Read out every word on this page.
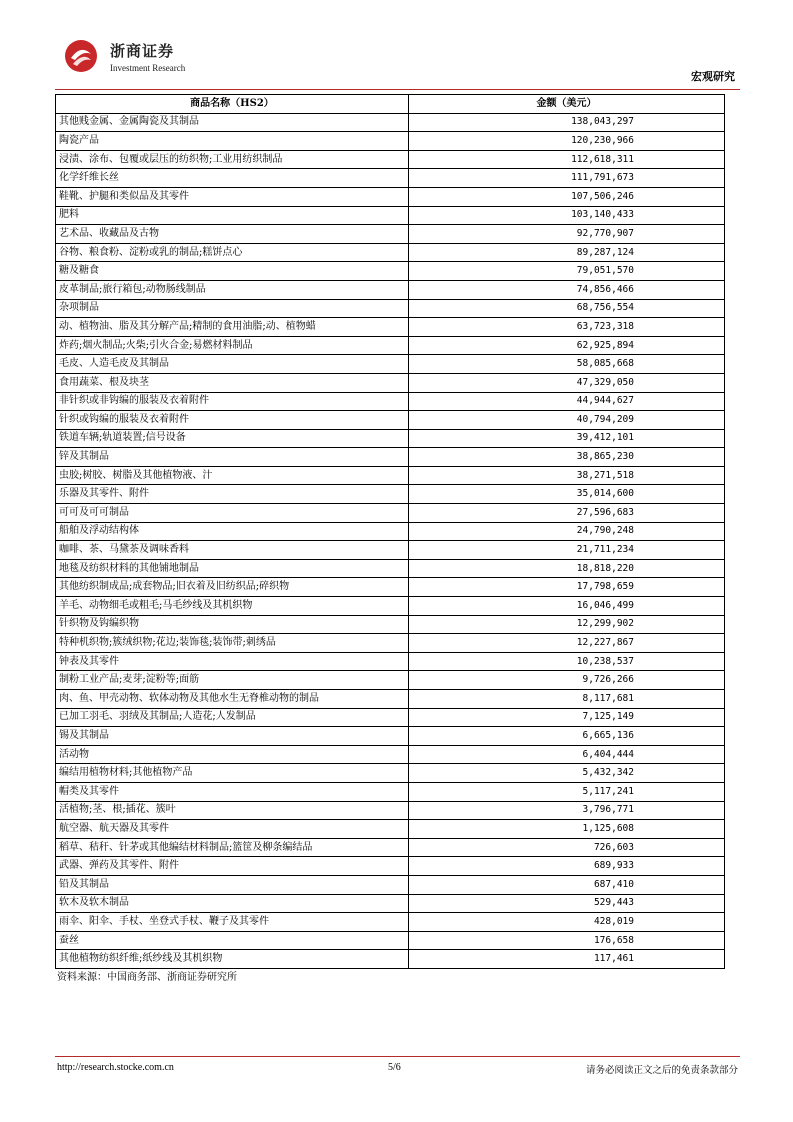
浙商证券
Investment Research
宏观研究
商品名称（HS2）	金额（美元）
其他贱金属、金属陶瓷及其制品	138,043,297
陶瓷产品	120,230,966
浸渍、涂布、包覆或层压的纺织物;工业用纺织制品	112,618,311
化学纤维长丝	111,791,673
鞋靴、护腿和类似品及其零件	107,506,246
肥料	103,140,433
艺术品、收藏品及古物	92,770,907
谷物、粮食粉、淀粉或乳的制品;糕饼点心	89,287,124
糖及糖食	79,051,570
皮革制品;旅行箱包;动物肠线制品	74,856,466
杂项制品	68,756,554
动、植物油、脂及其分解产品;精制的食用油脂;动、植物蜡	63,723,318
炸药;烟火制品;火柴;引火合金;易燃材料制品	62,925,894
毛皮、人造毛皮及其制品	58,085,668
食用蔬菜、根及块茎	47,329,050
非针织或非钩编的服装及衣着附件	44,944,627
针织或钩编的服装及衣着附件	40,794,209
铁道车辆;轨道装置;信号设备	39,412,101
锌及其制品	38,865,230
虫胶;树胶、树脂及其他植物液、汁	38,271,518
乐器及其零件、附件	35,014,600
可可及可可制品	27,596,683
船舶及浮动结构体	24,790,248
咖啡、茶、马黛茶及调味香料	21,711,234
地毯及纺织材料的其他铺地制品	18,818,220
其他纺织制成品;成套物品;旧衣着及旧纺织品;碎织物	17,798,659
羊毛、动物细毛或粗毛;马毛纱线及其机织物	16,046,499
针织物及钩编织物	12,299,902
特种机织物;簇绒织物;花边;装饰毯;装饰带;刺绣品	12,227,867
钟表及其零件	10,238,537
制粉工业产品;麦芽;淀粉等;面筋	9,726,266
肉、鱼、甲壳动物、软体动物及其他水生无脊椎动物的制品	8,117,681
已加工羽毛、羽绒及其制品;人造花;人发制品	7,125,149
锡及其制品	6,665,136
活动物	6,404,444
编结用植物材料;其他植物产品	5,432,342
帽类及其零件	5,117,241
活植物;茎、根;插花、簇叶	3,796,771
航空器、航天器及其零件	1,125,608
稻草、秸秆、针茅或其他编结材料制品;篮筐及柳条编结品	726,603
武器、弹药及其零件、附件	689,933
铅及其制品	687,410
软木及软木制品	529,443
雨伞、阳伞、手杖、坐登式手杖、鞭子及其零件	428,019
蚕丝	176,658
其他植物纺织纤维;纸纱线及其机织物	117,461
资料来源：中国商务部、浙商证券研究所
http://research.stocke.com.cn	5/6	请务必阅读正文之后的免责条款部分
